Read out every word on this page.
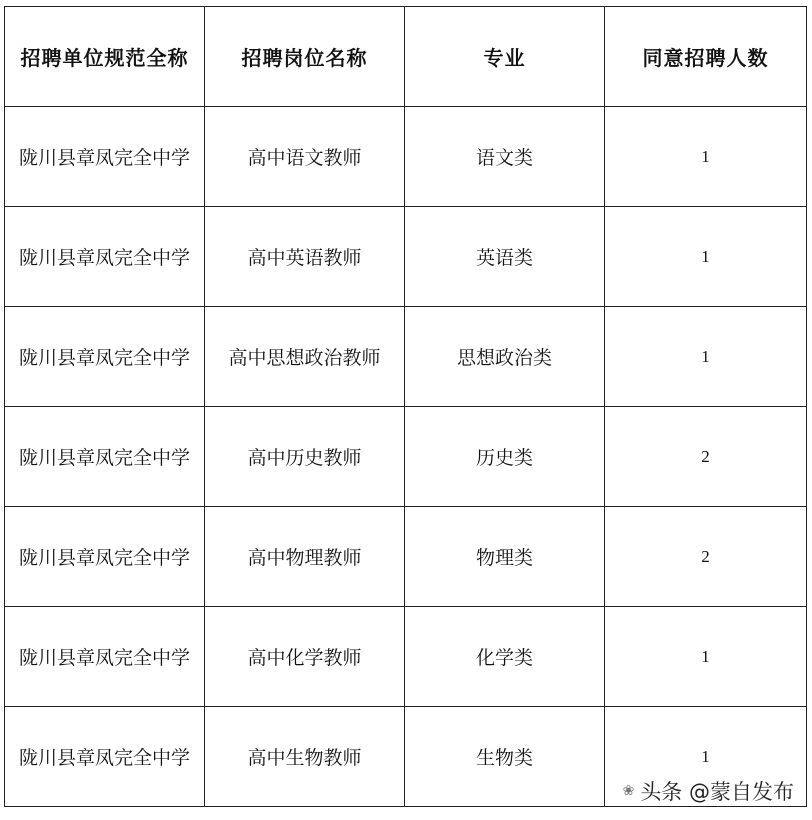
招聘单位规范全称	招聘岗位名称	专业	同意招聘人数
陇川县章凤完全中学	高中语文教师	语文类	1
陇川县章凤完全中学	高中英语教师	英语类	1
陇川县章凤完全中学	高中思想政治教师	思想政治类	1
陇川县章凤完全中学	高中历史教师	历史类	2
陇川县章凤完全中学	高中物理教师	物理类	2
陇川县章凤完全中学	高中化学教师	化学类	1
陇川县章凤完全中学	高中生物教师	生物类	1
❀ 头条 @蒙自发布
